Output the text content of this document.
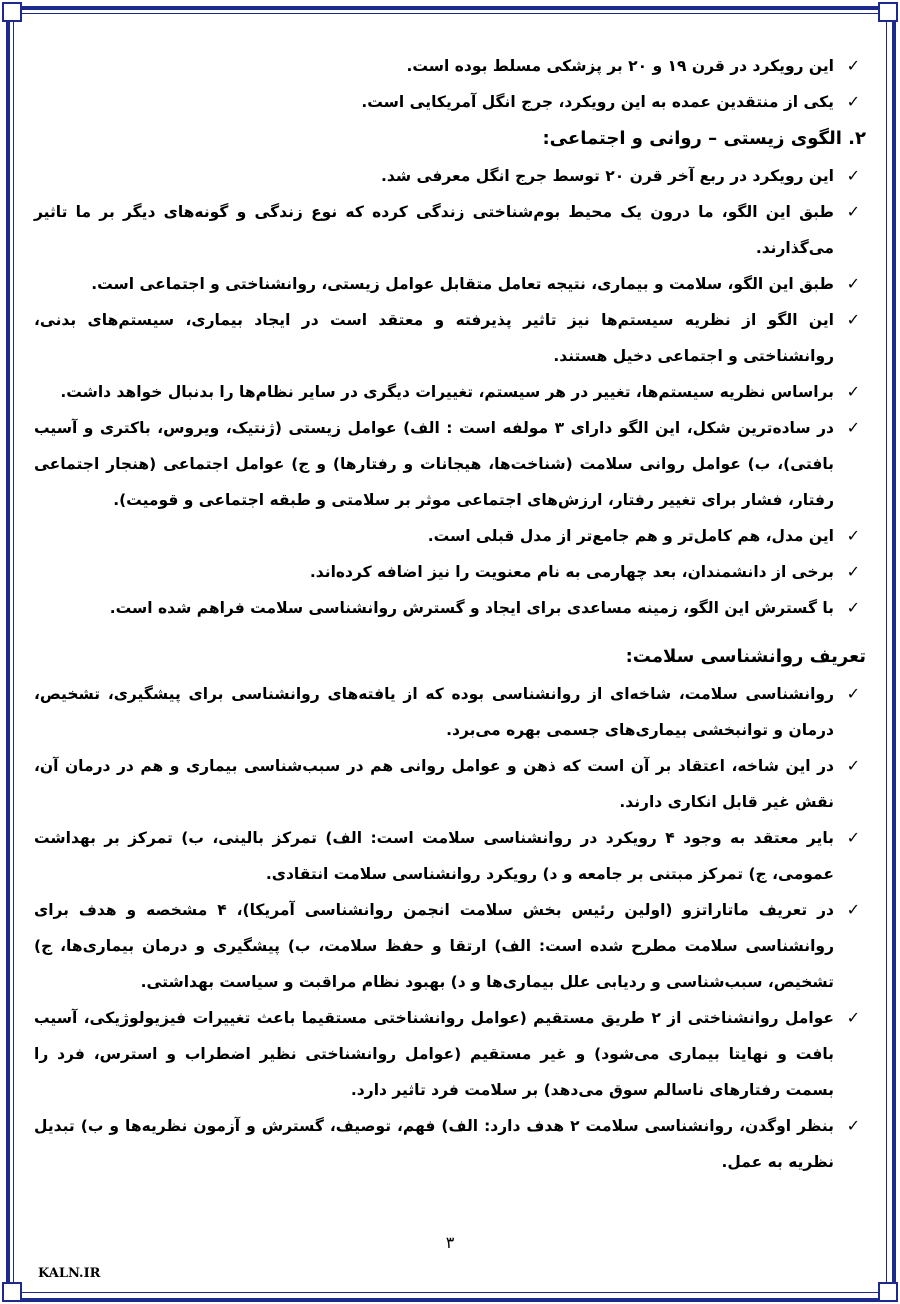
✓
این رویکرد در قرن ۱۹ و ۲۰ بر پزشکی مسلط بوده است.
✓
یکی از منتقدین عمده به این رویکرد، جرج انگل آمریکایی است.
۲. الگوی زیستی – روانی و اجتماعی:
✓
این رویکرد در ربع آخر قرن ۲۰ توسط جرج انگل معرفی شد.
✓
طبق این الگو، ما درون یک محیط بوم‌شناختی زندگی کرده که نوع زندگی و گونه‌های دیگر بر ما تاثیر می‌گذارند.
✓
طبق این الگو، سلامت و بیماری، نتیجه تعامل متقابل عوامل زیستی، روانشناختی و اجتماعی است.
✓
این الگو از نظریه سیستم‌ها نیز تاثیر پذیرفته و معتقد است در ایجاد بیماری، سیستم‌های بدنی، روانشناختی و اجتماعی دخیل هستند.
✓
براساس نظریه سیستم‌ها، تغییر در هر سیستم، تغییرات دیگری در سایر نظام‌ها را بدنبال خواهد داشت.
✓
در ساده‌ترین شکل، این الگو دارای ۳ مولفه است : الف) عوامل زیستی (ژنتیک، ویروس، باکتری و آسیب بافتی)، ب) عوامل روانی سلامت (شناخت‌ها، هیجانات و رفتارها) و ج) عوامل اجتماعی (هنجار اجتماعی رفتار، فشار برای تغییر رفتار، ارزش‌های اجتماعی موثر بر سلامتی و طبقه اجتماعی و قومیت).
✓
این مدل، هم کامل‌تر و هم جامع‌تر از مدل قبلی است.
✓
برخی از دانشمندان، بعد چهارمی به نام معنویت را نیز اضافه کرده‌اند.
✓
با گسترش این الگو، زمینه مساعدی برای ایجاد و گسترش روانشناسی سلامت فراهم شده است.
تعریف روانشناسی سلامت:
✓
روانشناسی سلامت، شاخه‌ای از روانشناسی بوده که از یافته‌های روانشناسی برای پیشگیری، تشخیص، درمان و توانبخشی بیماری‌های جسمی بهره می‌برد.
✓
در این شاخه، اعتقاد بر آن است که ذهن و عوامل روانی هم در سبب‌شناسی بیماری و هم در درمان آن، نقش غیر قابل انکاری دارند.
✓
بایر معتقد به وجود ۴ رویکرد در روانشناسی سلامت است: الف) تمرکز بالینی، ب) تمرکز بر بهداشت عمومی، ج) تمرکز مبتنی بر جامعه و د) رویکرد روانشناسی سلامت انتقادی.
✓
در تعریف ماتاراتزو (اولین رئیس بخش سلامت انجمن روانشناسی آمریکا)، ۴ مشخصه و هدف برای روانشناسی سلامت مطرح شده است: الف) ارتقا و حفظ سلامت، ب) پیشگیری و درمان بیماری‌ها، ج) تشخیص، سبب‌شناسی و ردیابی علل بیماری‌ها و د) بهبود نظام مراقبت و سیاست بهداشتی.
✓
عوامل روانشناختی از ۲ طریق مستقیم (عوامل روانشناختی مستقیما باعث تغییرات فیزیولوژیکی، آسیب بافت و نهایتا بیماری می‌شود) و غیر مستقیم (عوامل روانشناختی نظیر اضطراب و استرس، فرد را بسمت رفتارهای ناسالم سوق می‌دهد) بر سلامت فرد تاثیر دارد.
✓
بنظر اوگدن، روانشناسی سلامت ۲ هدف دارد: الف) فهم، توصیف، گسترش و آزمون نظریه‌ها و ب) تبدیل نظریه به عمل.
۳
KALN.IR
